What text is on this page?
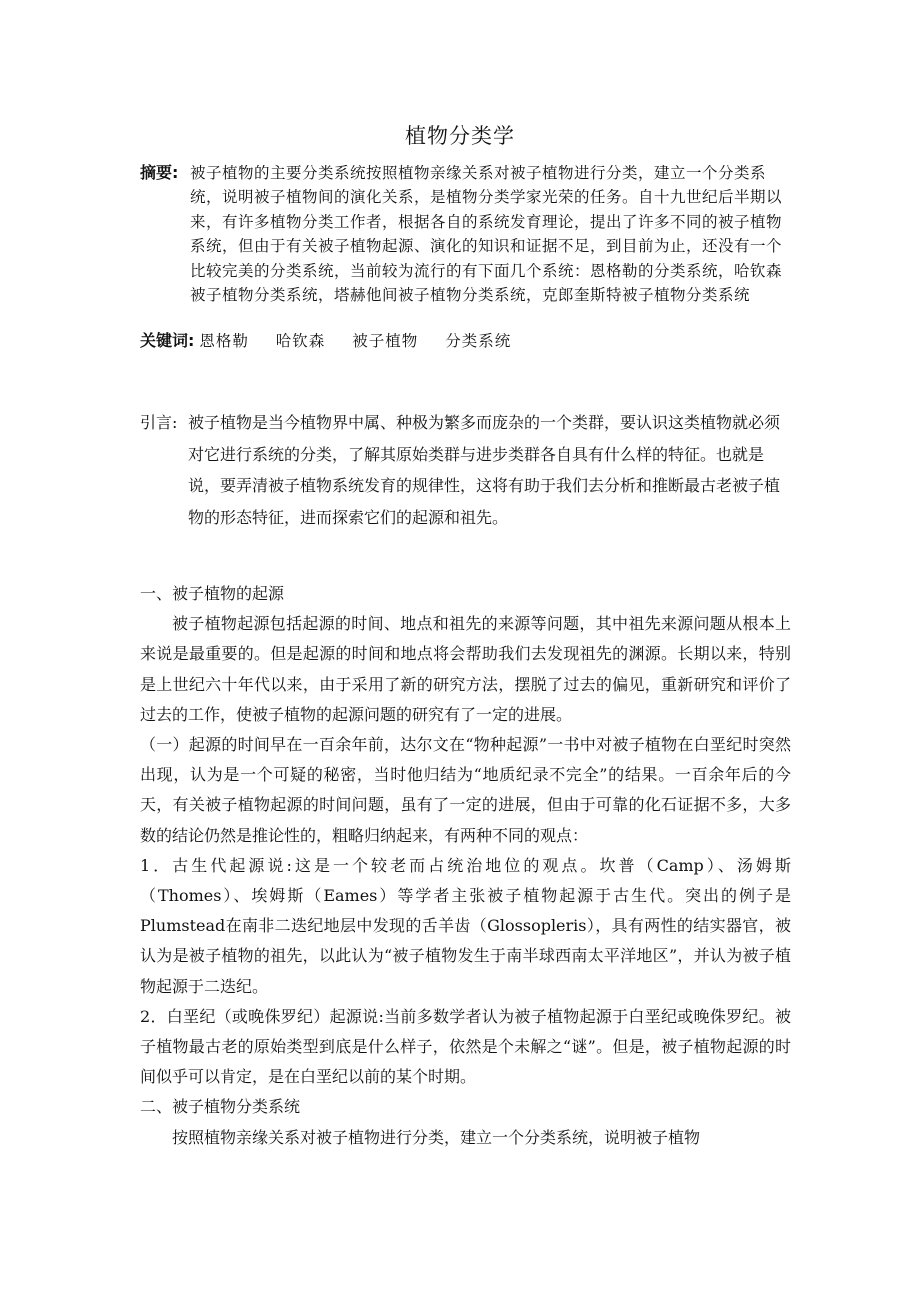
植物分类学
摘要: 被子植物的主要分类系统按照植物亲缘关系对被子植物进行分类，建立一个分类系统，说明被子植物间的演化关系，是植物分类学家光荣的任务。自十九世纪后半期以来，有许多植物分类工作者，根据各自的系统发育理论，提出了许多不同的被子植物系统，但由于有关被子植物起源、演化的知识和证据不足，到目前为止，还没有一个比较完美的分类系统，当前较为流行的有下面几个系统：恩格勒的分类系统，哈钦森被子植物分类系统，塔赫他间被子植物分类系统，克郎奎斯特被子植物分类系统
关键词: 恩格勒 哈钦森 被子植物 分类系统
引言: 被子植物是当今植物界中属、种极为繁多而庞杂的一个类群，要认识这类植物就必须对它进行系统的分类，了解其原始类群与进步类群各自具有什么样的特征。也就是说，要弄清被子植物系统发育的规律性，这将有助于我们去分析和推断最古老被子植物的形态特征，进而探索它们的起源和祖先。

一、被子植物的起源

被子植物起源包括起源的时间、地点和祖先的来源等问题，其中祖先来源问题从根本上来说是最重要的。但是起源的时间和地点将会帮助我们去发现祖先的渊源。长期以来，特别是上世纪六十年代以来，由于采用了新的研究方法，摆脱了过去的偏见，重新研究和评价了过去的工作，使被子植物的起源问题的研究有了一定的进展。

（一）起源的时间早在一百余年前，达尔文在“物种起源”一书中对被子植物在白垩纪时突然出现，认为是一个可疑的秘密，当时他归结为“地质纪录不完全”的结果。一百余年后的今天，有关被子植物起源的时间问题，虽有了一定的进展，但由于可靠的化石证据不多，大多数的结论仍然是推论性的，粗略归纳起来，有两种不同的观点：

1．古生代起源说:这是一个较老而占统治地位的观点。坎普（Camp）、汤姆斯（Thomes）、埃姆斯（Eames）等学者主张被子植物起源于古生代。突出的例子是Plumstead在南非二迭纪地层中发现的舌羊齿（Glossopleris），具有两性的结实器官，被认为是被子植物的祖先，以此认为“被子植物发生于南半球西南太平洋地区”，并认为被子植物起源于二迭纪。

2．白垩纪（或晚侏罗纪）起源说:当前多数学者认为被子植物起源于白垩纪或晚侏罗纪。被子植物最古老的原始类型到底是什么样子，依然是个未解之“谜”。但是，被子植物起源的时间似乎可以肯定，是在白垩纪以前的某个时期。

二、被子植物分类系统

按照植物亲缘关系对被子植物进行分类，建立一个分类系统，说明被子植物
